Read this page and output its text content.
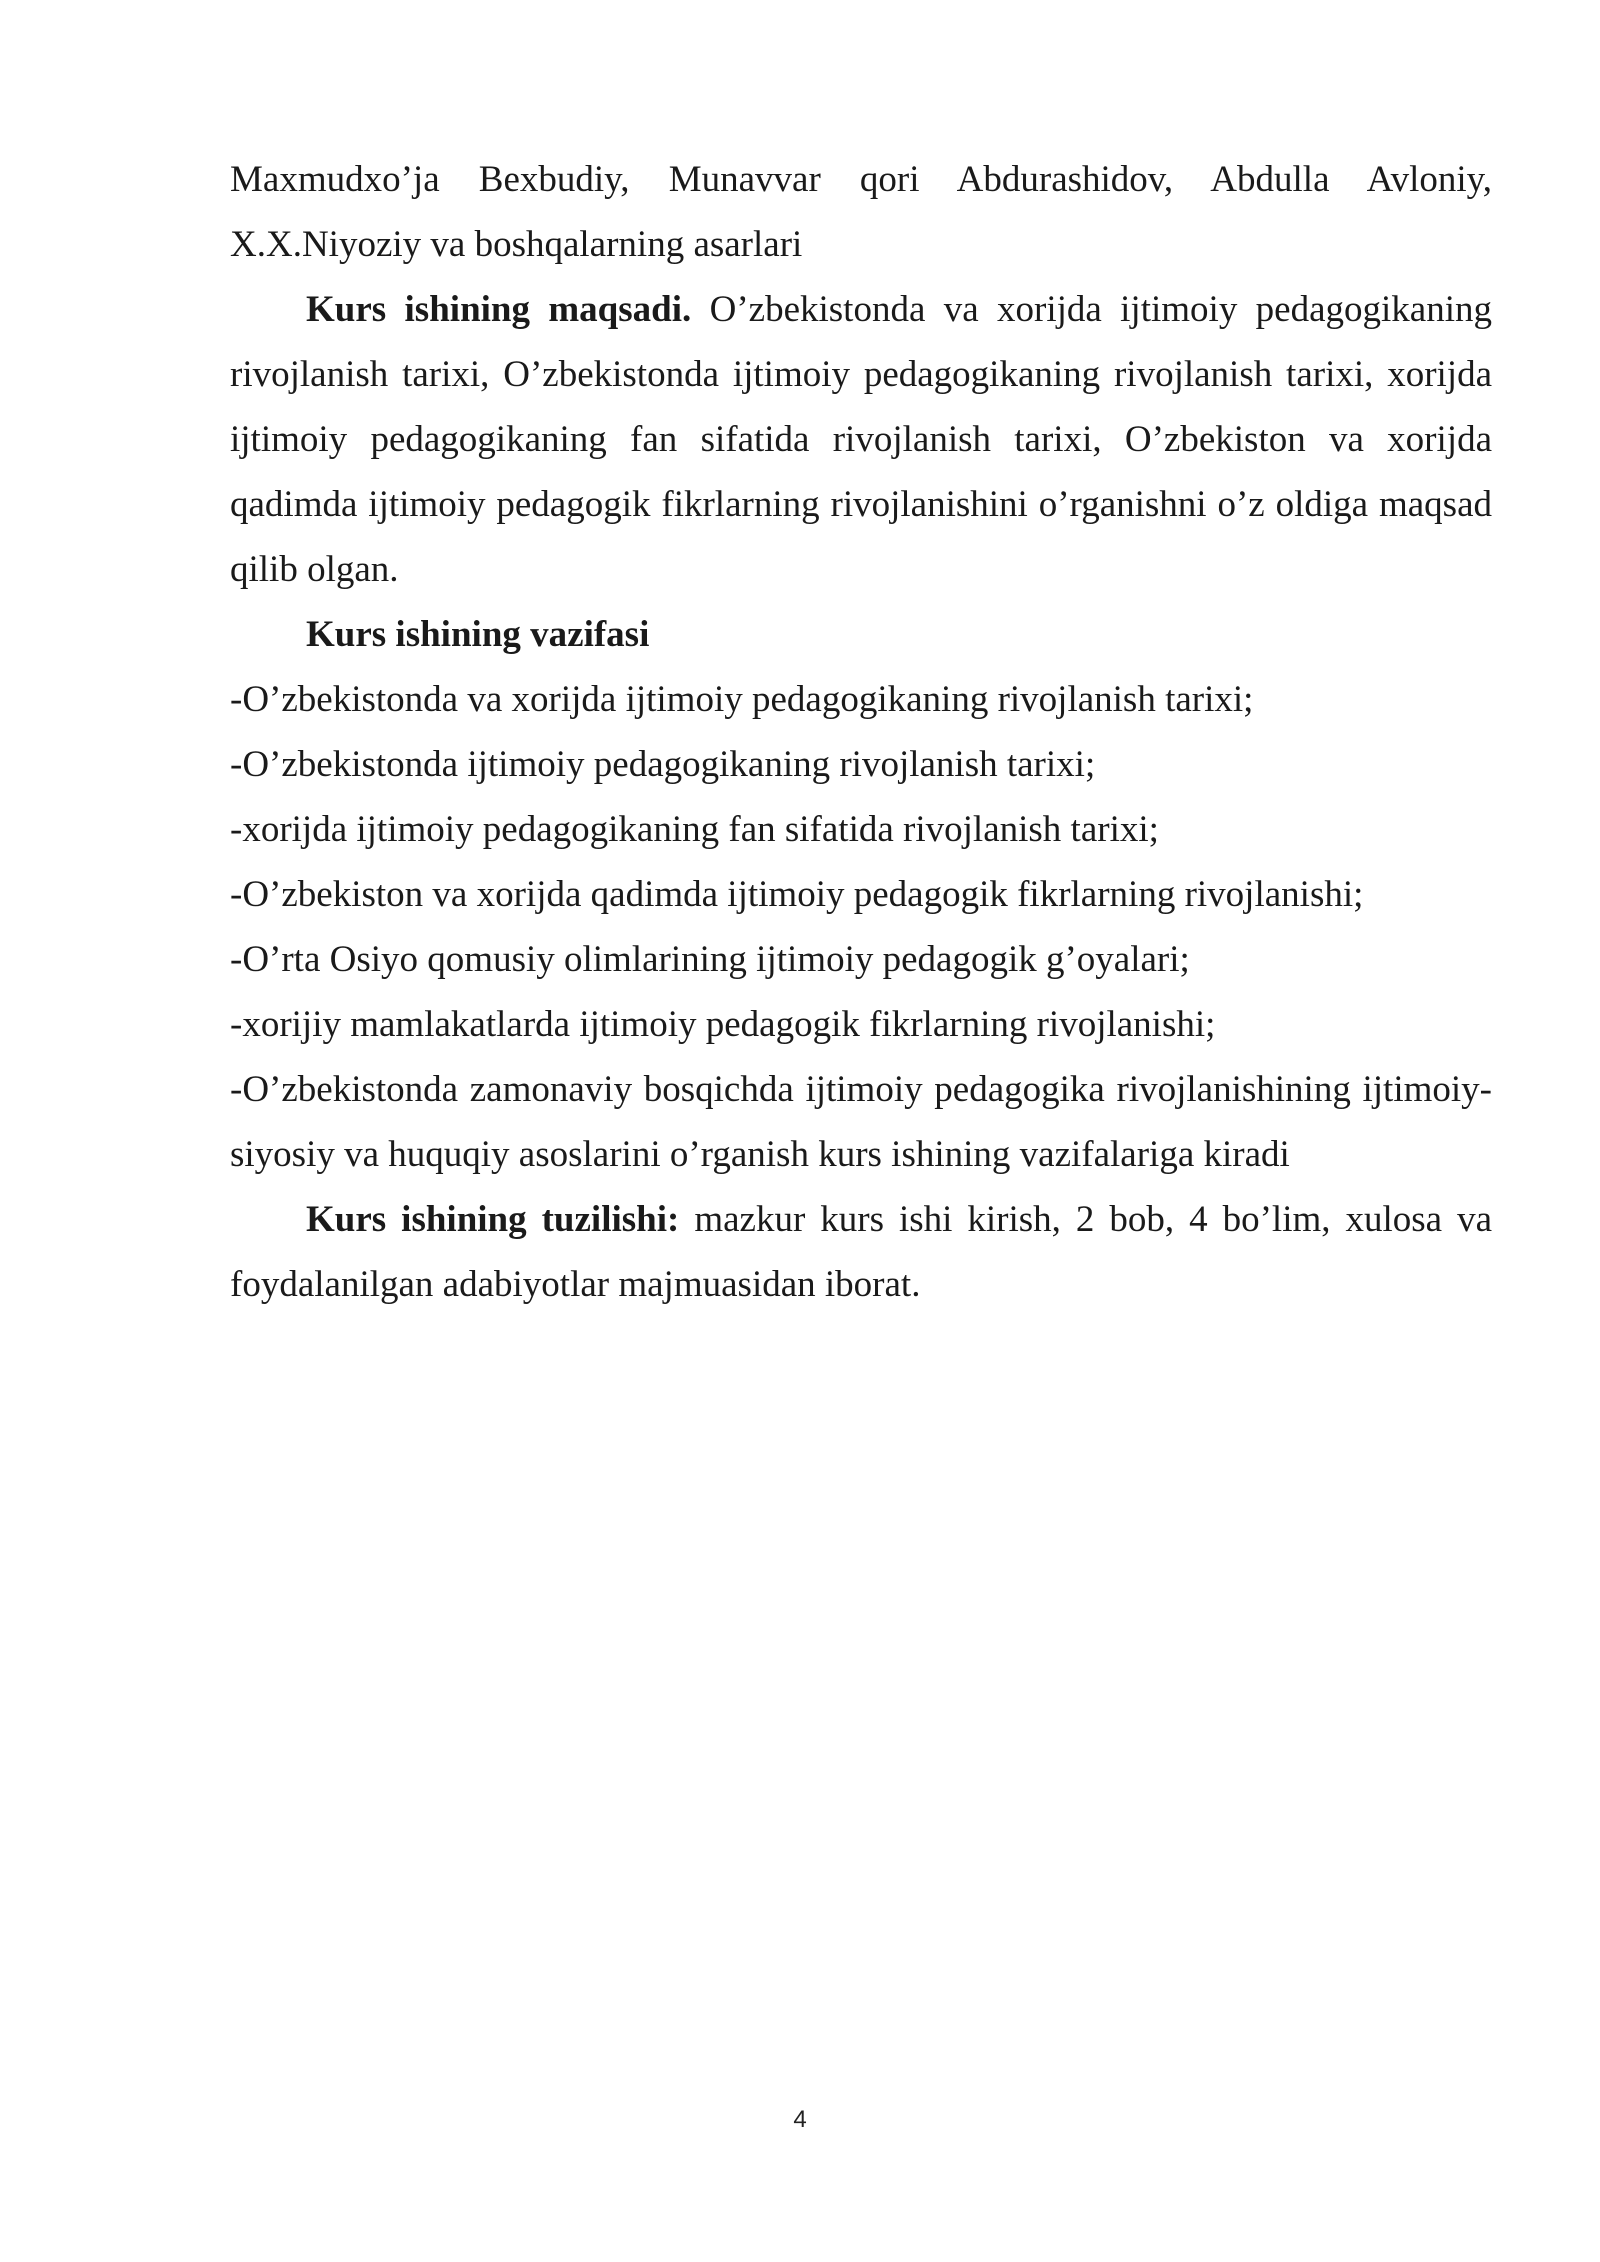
Maxmudxo’ja Bexbudiy, Munavvar qori Abdurashidov, Abdulla Avloniy, X.X.Niyoziy va boshqalarning asarlari

Kurs ishining maqsadi. O’zbekistonda va xorijda ijtimoiy pedagogikaning rivojlanish tarixi, O’zbekistonda ijtimoiy pedagogikaning rivojlanish tarixi, xorijda ijtimoiy pedagogikaning fan sifatida rivojlanish tarixi, O’zbekiston va xorijda qadimda ijtimoiy pedagogik fikrlarning rivojlanishini o’rganishni o’z oldiga maqsad qilib olgan.

Kurs ishining vazifasi

-O’zbekistonda va xorijda ijtimoiy pedagogikaning rivojlanish tarixi;

-O’zbekistonda ijtimoiy pedagogikaning rivojlanish tarixi;

-xorijda ijtimoiy pedagogikaning fan sifatida rivojlanish tarixi;

-O’zbekiston va xorijda qadimda ijtimoiy pedagogik fikrlarning rivojlanishi;

-O’rta Osiyo qomusiy olimlarining ijtimoiy pedagogik g’oyalari;

-xorijiy mamlakatlarda ijtimoiy pedagogik fikrlarning rivojlanishi;

-O’zbekistonda zamonaviy bosqichda ijtimoiy pedagogika rivojlanishining ijtimoiy-siyosiy va huquqiy asoslarini o’rganish kurs ishining vazifalariga kiradi

Kurs ishining tuzilishi: mazkur kurs ishi kirish, 2 bob, 4 bo’lim, xulosa va foydalanilgan adabiyotlar majmuasidan iborat.

4
